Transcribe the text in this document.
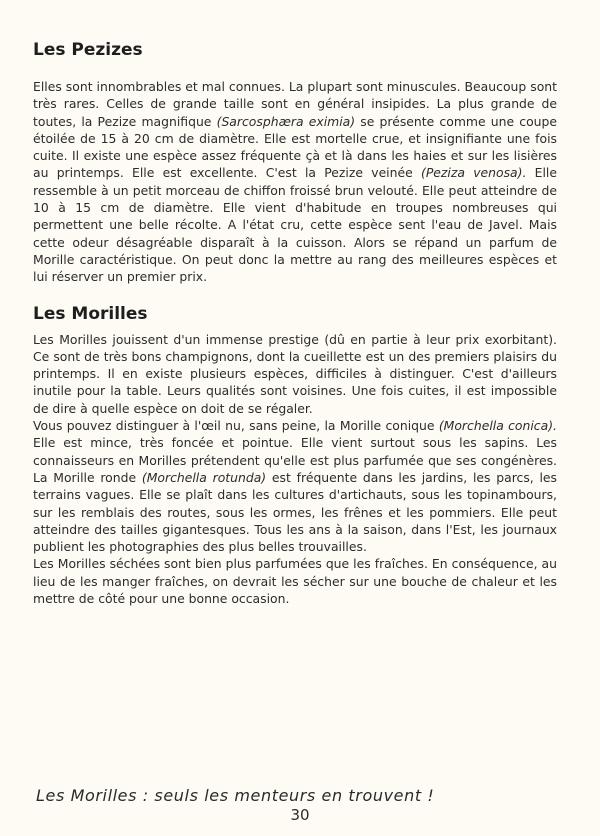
Les Pezizes

Elles sont innombrables et mal connues. La plupart sont minuscules. Beaucoup sont très rares. Celles de grande taille sont en général insipides. La plus grande de toutes, la Pezize magnifique (Sarcosphæra eximia) se présente comme une coupe étoilée de 15 à 20 cm de diamètre. Elle est mortelle crue, et insignifiante une fois cuite. Il existe une espèce assez fréquente çà et là dans les haies et sur les lisières au printemps. Elle est excellente. C'est la Pezize veinée (Peziza venosa). Elle ressemble à un petit morceau de chiffon froissé brun velouté. Elle peut atteindre de 10 à 15 cm de diamètre. Elle vient d'habitude en troupes nombreuses qui permettent une belle récolte. A l'état cru, cette espèce sent l'eau de Javel. Mais cette odeur désagréable disparaît à la cuisson. Alors se répand un parfum de Morille caractéristique. On peut donc la mettre au rang des meilleures espèces et lui réserver un premier prix.

Les Morilles

Les Morilles jouissent d'un immense prestige (dû en partie à leur prix exorbitant). Ce sont de très bons champignons, dont la cueillette est un des premiers plaisirs du printemps. Il en existe plusieurs espèces, difficiles à distinguer. C'est d'ailleurs inutile pour la table. Leurs qualités sont voisines. Une fois cuites, il est impossible de dire à quelle espèce on doit de se régaler.

Vous pouvez distinguer à l'œil nu, sans peine, la Morille conique (Morchella conica). Elle est mince, très foncée et pointue. Elle vient surtout sous les sapins. Les connaisseurs en Morilles prétendent qu'elle est plus parfumée que ses congénères. La Morille ronde (Morchella rotunda) est fréquente dans les jardins, les parcs, les terrains vagues. Elle se plaît dans les cultures d'artichauts, sous les topinambours, sur les remblais des routes, sous les ormes, les frênes et les pommiers. Elle peut atteindre des tailles gigantesques. Tous les ans à la saison, dans l'Est, les journaux publient les photographies des plus belles trouvailles.

Les Morilles séchées sont bien plus parfumées que les fraîches. En conséquence, au lieu de les manger fraîches, on devrait les sécher sur une bouche de chaleur et les mettre de côté pour une bonne occasion.

Les Morilles : seuls les menteurs en trouvent !
30
